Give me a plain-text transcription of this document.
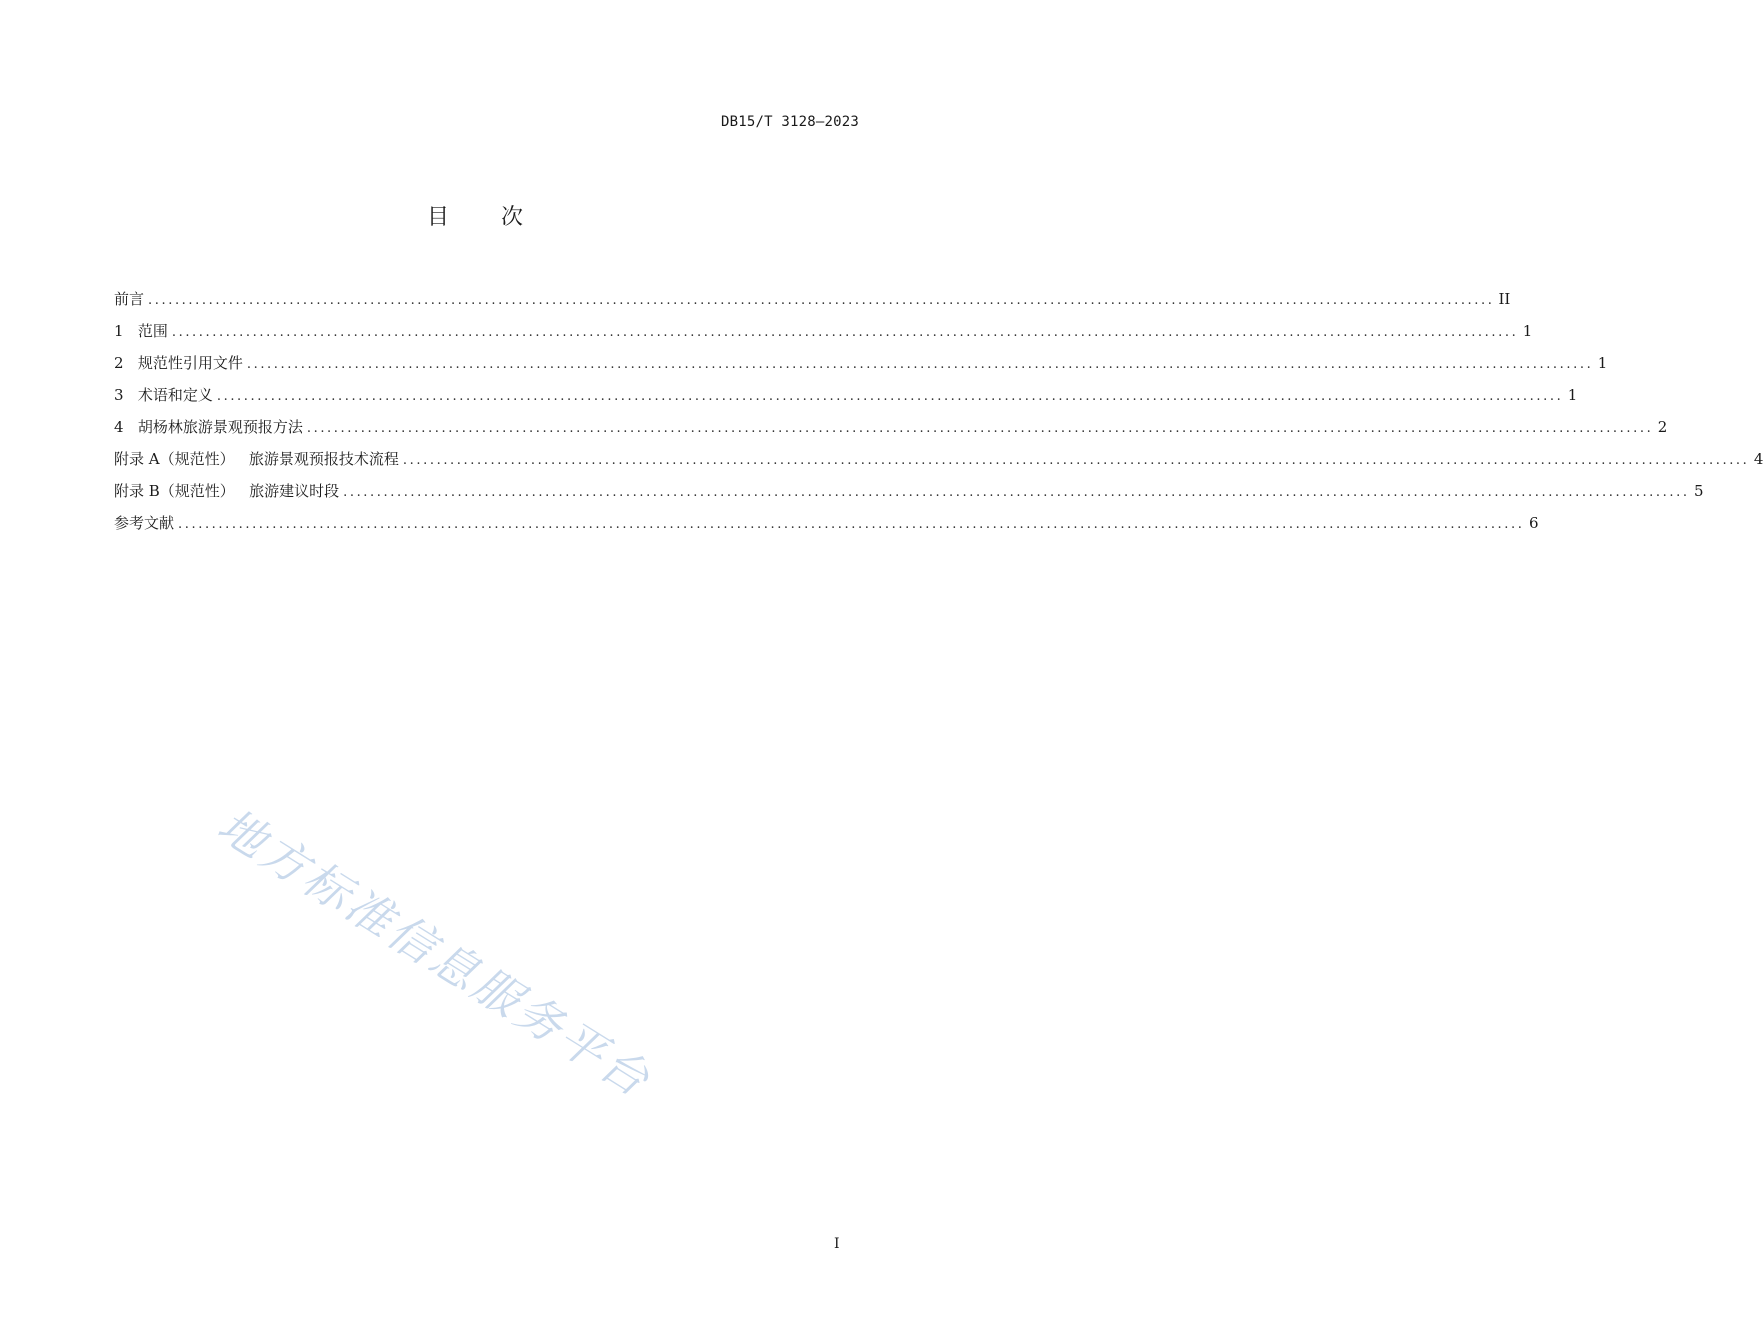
DB15/T 3128—2023
目 次
前言 ........................................................................................................................................................................................................ II
1   范围 ........................................................................................................................................................................................................ 1
2   规范性引用文件 ........................................................................................................................................................................................................ 1
3   术语和定义 ........................................................................................................................................................................................................ 1
4   胡杨林旅游景观预报方法 ........................................................................................................................................................................................................ 2
附录 A（规范性）   旅游景观预报技术流程 ........................................................................................................................................................................................................ 4
附录 B（规范性）   旅游建议时段 ........................................................................................................................................................................................................ 5
参考文献 ........................................................................................................................................................................................................ 6
地方标准信息服务平台
I
